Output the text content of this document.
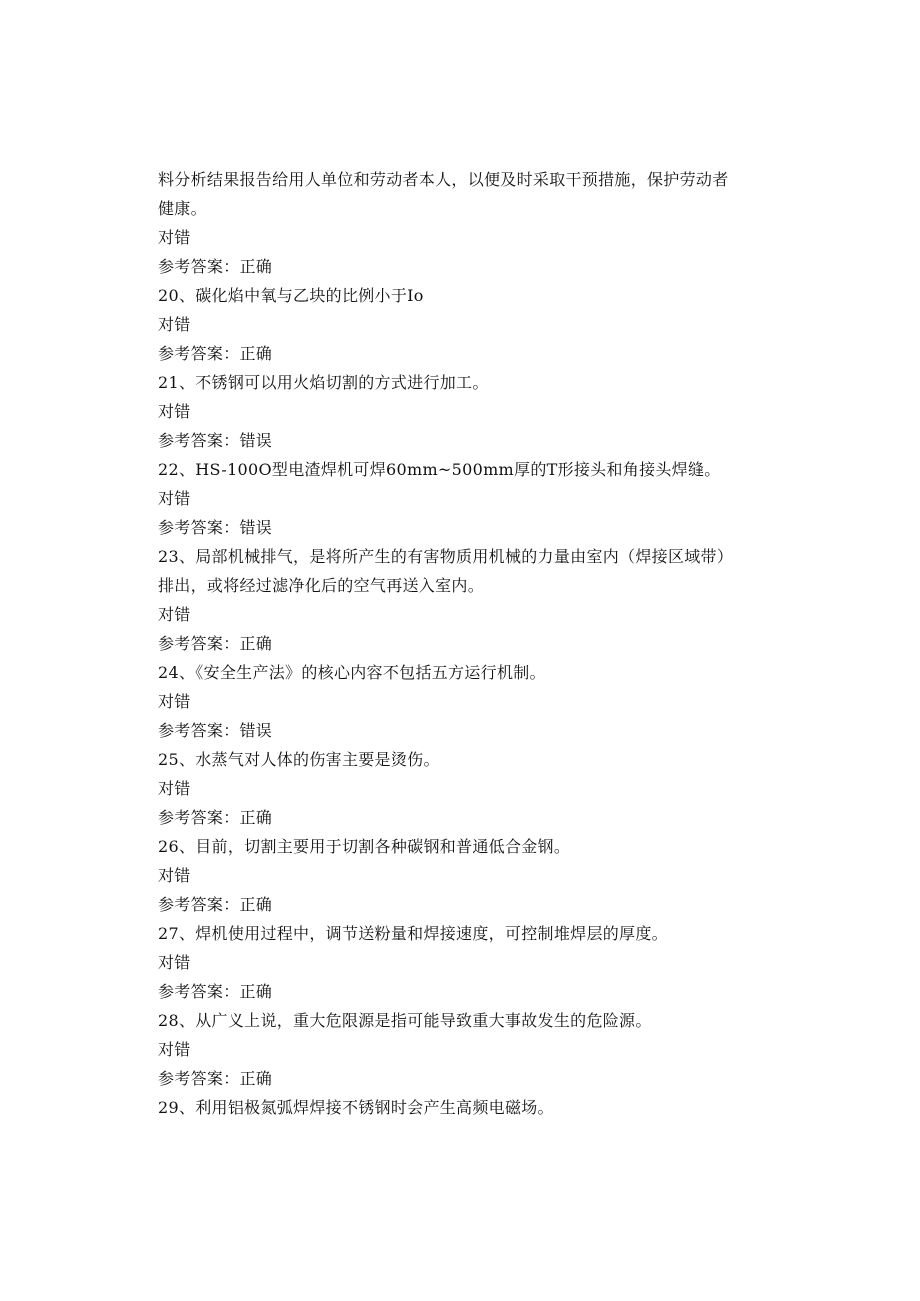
料分析结果报告给用人单位和劳动者本人，以便及时采取干预措施，保护劳动者
健康。
对错
参考答案：正确
20、碳化焰中氧与乙块的比例小于Io
对错
参考答案：正确
21、不锈钢可以用火焰切割的方式进行加工。
对错
参考答案：错误
22、HS-100O型电渣焊机可焊60mm~500mm厚的T形接头和角接头焊缝。
对错
参考答案：错误
23、局部机械排气，是将所产生的有害物质用机械的力量由室内（焊接区域带）
排出，或将经过滤净化后的空气再送入室内。
对错
参考答案：正确
24、《安全生产法》的核心内容不包括五方运行机制。
对错
参考答案：错误
25、水蒸气对人体的伤害主要是烫伤。
对错
参考答案：正确
26、目前，切割主要用于切割各种碳钢和普通低合金钢。
对错
参考答案：正确
27、焊机使用过程中，调节送粉量和焊接速度，可控制堆焊层的厚度。
对错
参考答案：正确
28、从广义上说，重大危限源是指可能导致重大事故发生的危险源。
对错
参考答案：正确
29、利用铝极氮弧焊焊接不锈钢时会产生高频电磁场。
